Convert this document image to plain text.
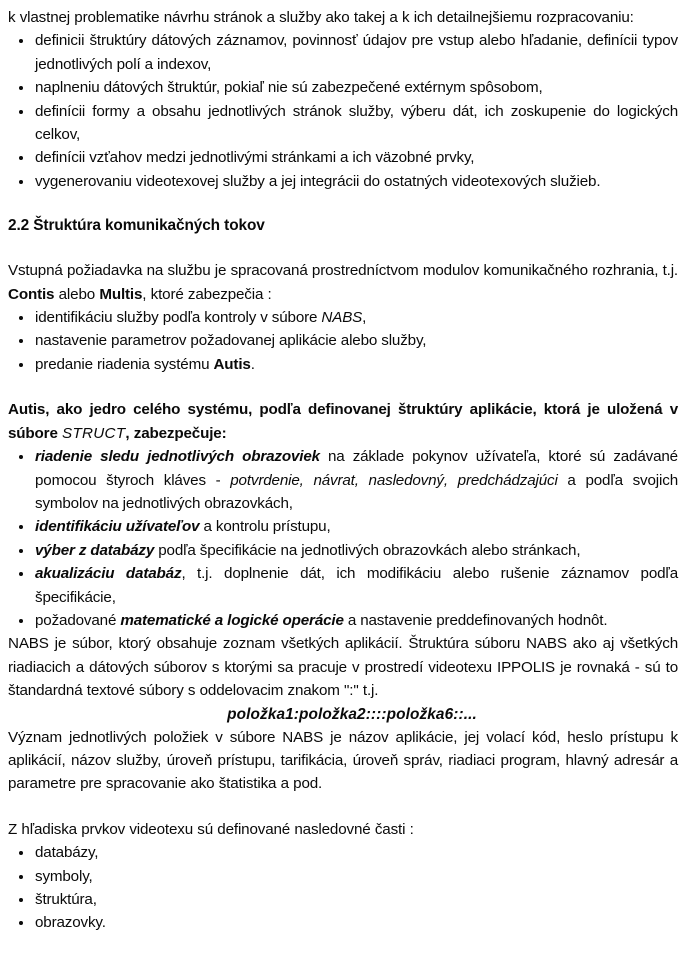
k vlastnej problematike návrhu stránok a služby ako takej a k ich detailnejšiemu rozpracovaniu:

definicii štruktúry dátových záznamov, povinnosť údajov pre vstup alebo hľadanie, definícii typov jednotlivých polí a indexov,
naplneniu dátových štruktúr, pokiaľ nie sú zabezpečené extérnym spôsobom,
definícii formy a obsahu jednotlivých stránok služby, výberu dát, ich zoskupenie do logických celkov,
definícii vzťahov medzi jednotlivými stránkami a ich väzobné prvky,
vygenerovaniu videotexovej služby a jej integrácii do ostatných videotexových služieb.
2.2 Štruktúra komunikačných tokov

Vstupná požiadavka na službu je spracovaná prostredníctvom modulov komunikačného rozhrania, t.j. Contis alebo Multis, ktoré zabezpečia :

identifikáciu služby podľa kontroly v súbore NABS,
nastavenie parametrov požadovanej aplikácie alebo služby,
predanie riadenia systému Autis.

Autis, ako jedro celého systému, podľa definovanej štruktúry aplikácie, ktorá je uložená v súbore STRUCT, zabezpečuje:

riadenie sledu jednotlivých obrazoviek na základe pokynov užívateľa, ktoré sú zadávané pomocou štyroch kláves - potvrdenie, návrat, nasledovný, predchádzajúci a podľa svojich symbolov na jednotlivých obrazovkách,
identifikáciu užívateľov a kontrolu prístupu,
výber z databázy podľa špecifikácie na jednotlivých obrazovkách alebo stránkach,
akualizáciu databáz, t.j. doplnenie dát, ich modifikáciu alebo rušenie záznamov podľa špecifikácie,
požadované matematické a logické operácie a nastavenie preddefinovaných hodnôt.

NABS je súbor, ktorý obsahuje zoznam všetkých aplikácií. Štruktúra súboru NABS ako aj všetkých riadiacich a dátových súborov s ktorými sa pracuje v prostredí videotexu IPPOLIS je rovnaká - sú to štandardná textové súbory s oddelovacim znakom ":" t.j.

položka1:položka2::::položka6::...

Význam jednotlivých položiek v súbore NABS je názov aplikácie, jej volací kód, heslo prístupu k aplikácií, názov služby, úroveň prístupu, tarifikácia, úroveň správ, riadiaci program, hlavný adresár a parametre pre spracovanie ako štatistika a pod.

Z hľadiska prvkov videotexu sú definované nasledovné časti :

databázy,
symboly,
štruktúra,
obrazovky.
